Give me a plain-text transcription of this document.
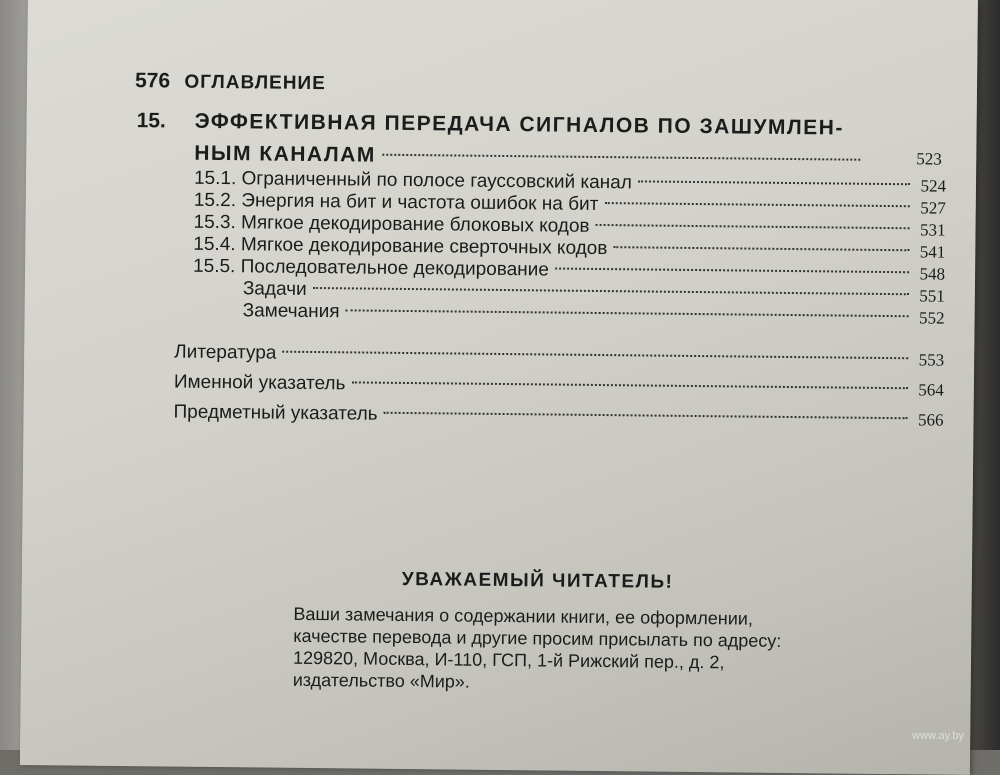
576 ОГЛАВЛЕНИЕ
15. ЭФФЕКТИВНАЯ ПЕРЕДАЧА СИГНАЛОВ ПО ЗАШУМЛЕН-
НЫМ КАНАЛАМ	523
15.1. Ограниченный по полосе гауссовский канал	524
15.2. Энергия на бит и частота ошибок на бит	527
15.3. Мягкое декодирование блоковых кодов	531
15.4. Мягкое декодирование сверточных кодов	541
15.5. Последовательное декодирование	548
Задачи	551
Замечания	552
Литература	553
Именной указатель	564
Предметный указатель	566
УВАЖАЕМЫЙ ЧИТАТЕЛЬ!
Ваши замечания о содержании книги, ее оформлении,
качестве перевода и другие просим присылать по адресу:
129820, Москва, И-110, ГСП, 1-й Рижский пер., д. 2,
издательство «Мир».
www.ay.by
